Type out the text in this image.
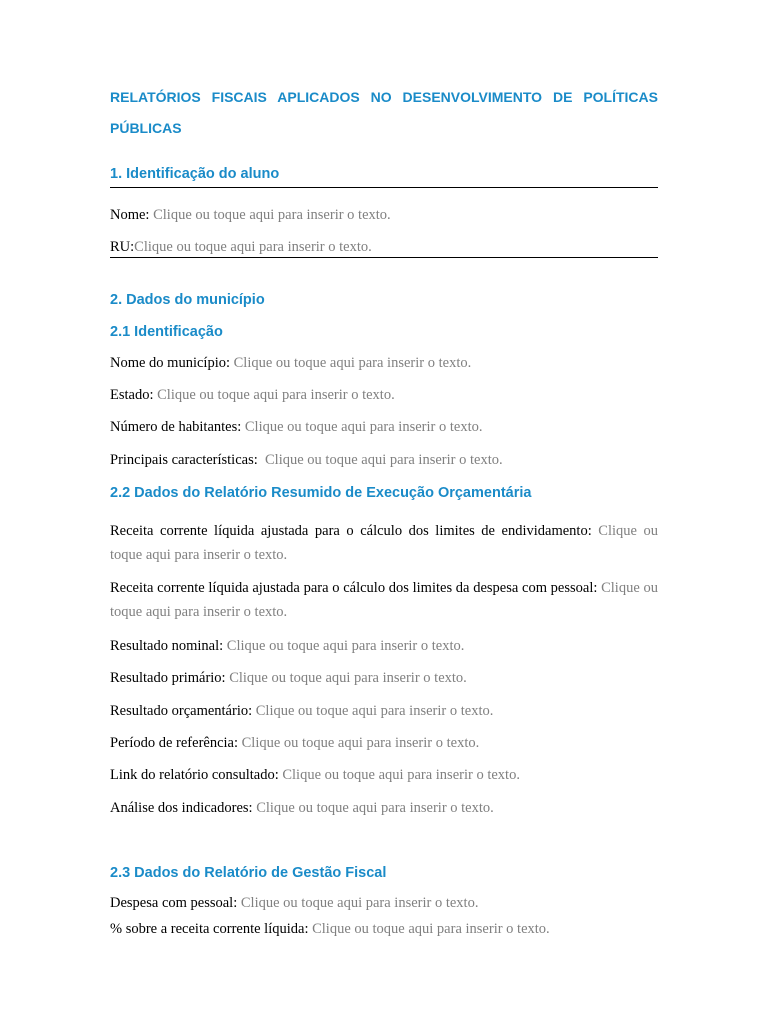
RELATÓRIOS FISCAIS APLICADOS NO DESENVOLVIMENTO DE POLÍTICAS PÚBLICAS
1. Identificação do aluno

Nome: Clique ou toque aqui para inserir o texto.

RU:Clique ou toque aqui para inserir o texto.

2. Dados do município
2.1 Identificação

Nome do município: Clique ou toque aqui para inserir o texto.

Estado: Clique ou toque aqui para inserir o texto.

Número de habitantes: Clique ou toque aqui para inserir o texto.

Principais características:  Clique ou toque aqui para inserir o texto.

2.2 Dados do Relatório Resumido de Execução Orçamentária

Receita corrente líquida ajustada para o cálculo dos limites de endividamento: Clique ou toque aqui para inserir o texto.

Receita corrente líquida ajustada para o cálculo dos limites da despesa com pessoal: Clique ou toque aqui para inserir o texto.

Resultado nominal: Clique ou toque aqui para inserir o texto.

Resultado primário: Clique ou toque aqui para inserir o texto.

Resultado orçamentário: Clique ou toque aqui para inserir o texto.

Período de referência: Clique ou toque aqui para inserir o texto.

Link do relatório consultado: Clique ou toque aqui para inserir o texto.

Análise dos indicadores: Clique ou toque aqui para inserir o texto.

2.3 Dados do Relatório de Gestão Fiscal

Despesa com pessoal: Clique ou toque aqui para inserir o texto.

% sobre a receita corrente líquida: Clique ou toque aqui para inserir o texto.
